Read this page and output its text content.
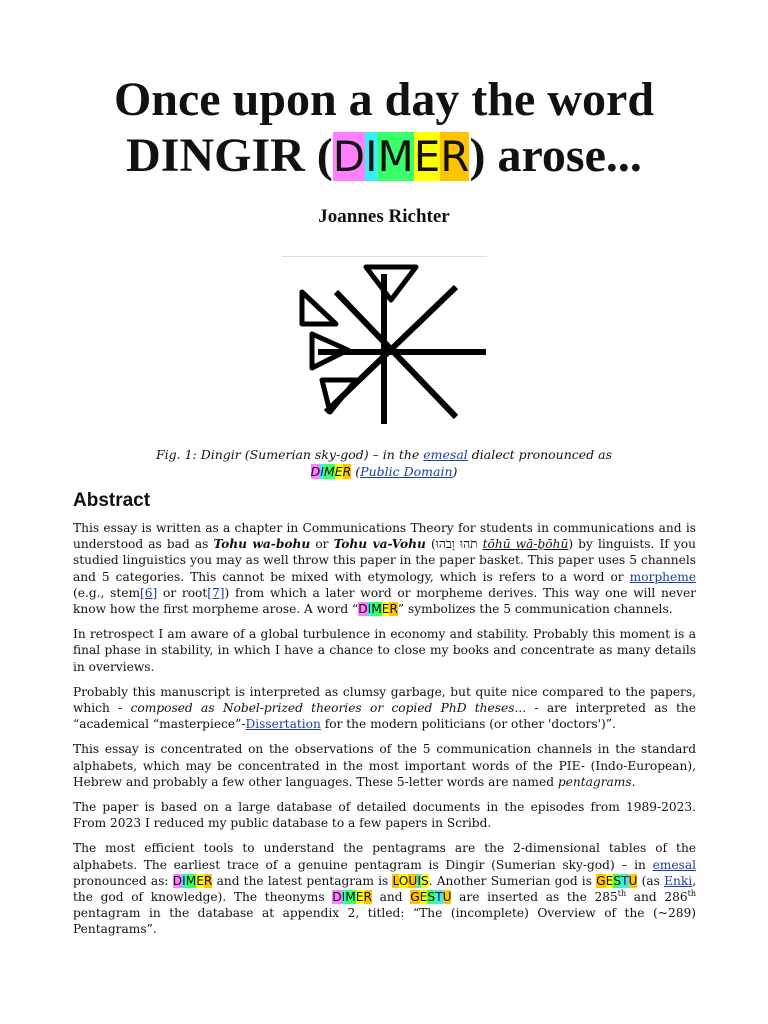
Once upon a day the word
DINGIR (DIMER) arose...
Joannes Richter
Fig. 1: Dingir (Sumerian sky-god) – in the emesal dialect pronounced as DIMER (Public Domain)
Abstract

This essay is written as a chapter in Communications Theory for students in communications and is understood as bad as Tohu wa-bohu or Tohu va-Vohu (תֹהוּ וָבֹהוּ tōhū wā-ḇōhū) by linguists. If you studied linguistics you may as well throw this paper in the paper basket. This paper uses 5 channels and 5 categories. This cannot be mixed with etymology, which is refers to a word or morpheme (e.g., stem[6] or root[7]) from which a later word or morpheme derives. This way one will never know how the first morpheme arose. A word “DIMER” symbolizes the 5 communication channels.

In retrospect I am aware of a global turbulence in economy and stability. Probably this moment is a final phase in stability, in which I have a chance to close my books and concentrate as many details in overviews.

Probably this manuscript is interpreted as clumsy garbage, but quite nice compared to the papers, which - composed as Nobel-prized theories or copied PhD theses... - are interpreted as the “academical “masterpiece”-Dissertation for the modern politicians (or other 'doctors')”.

This essay is concentrated on the observations of the 5 communication channels in the standard alphabets, which may be concentrated in the most important words of the PIE- (Indo-European), Hebrew and probably a few other languages. These 5-letter words are named pentagrams.

The paper is based on a large database of detailed documents in the episodes from 1989-2023. From 2023 I reduced my public database to a few papers in Scribd.

The most efficient tools to understand the pentagrams are the 2-dimensional tables of the alphabets. The earliest trace of a genuine pentagram is Dingir (Sumerian sky-god) – in emesal pronounced as: DIMER and the latest pentagram is LOUIS. Another Sumerian god is GESTU (as Enki, the god of knowledge). The theonyms DIMER and GESTU are inserted as the 285th and 286th pentagram in the database at appendix 2, titled: “The (incomplete) Overview of the (~289) Pentagrams”.
